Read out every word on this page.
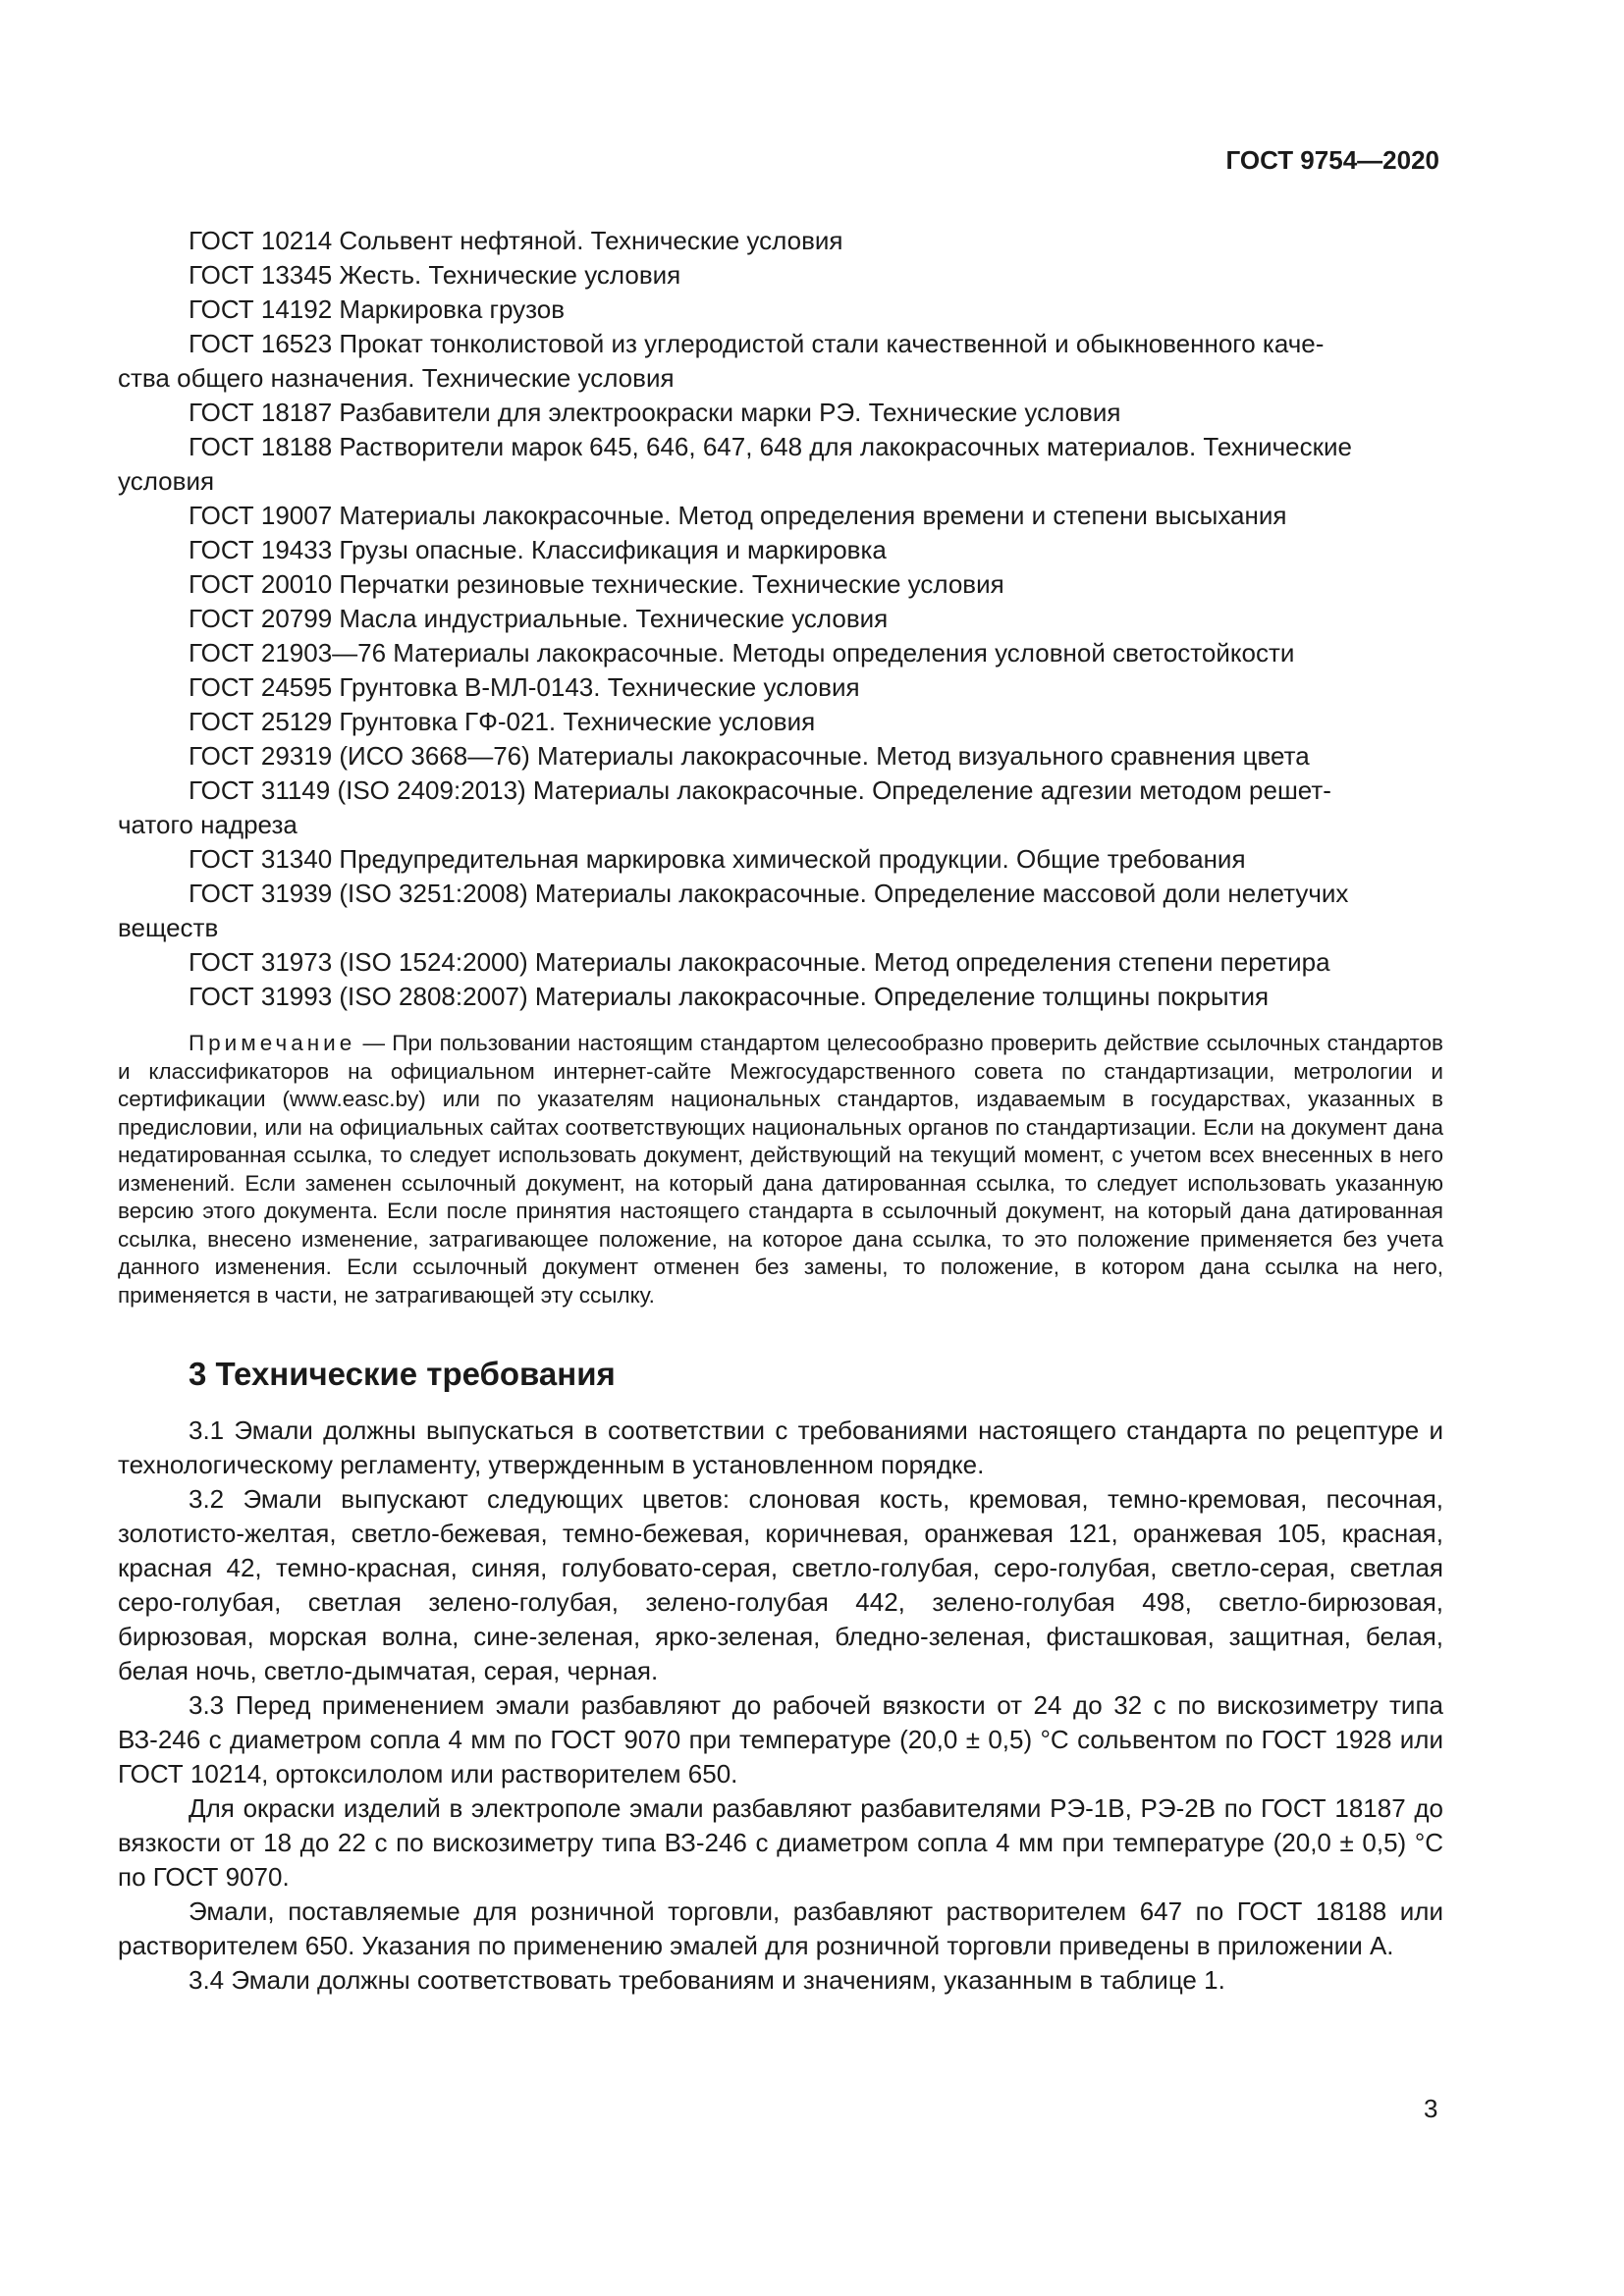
ГОСТ 9754—2020
ГОСТ 10214 Сольвент нефтяной. Технические условия
ГОСТ 13345 Жесть. Технические условия
ГОСТ 14192 Маркировка грузов
ГОСТ 16523 Прокат тонколистовой из углеродистой стали качественной и обыкновенного каче-
ства общего назначения. Технические условия
ГОСТ 18187 Разбавители для электроокраски марки РЭ. Технические условия
ГОСТ 18188 Растворители марок 645, 646, 647, 648 для лакокрасочных материалов. Технические
условия
ГОСТ 19007 Материалы лакокрасочные. Метод определения времени и степени высыхания
ГОСТ 19433 Грузы опасные. Классификация и маркировка
ГОСТ 20010 Перчатки резиновые технические. Технические условия
ГОСТ 20799 Масла индустриальные. Технические условия
ГОСТ 21903—76 Материалы лакокрасочные. Методы определения условной светостойкости
ГОСТ 24595 Грунтовка В-МЛ-0143. Технические условия
ГОСТ 25129 Грунтовка ГФ-021. Технические условия
ГОСТ 29319 (ИСО 3668—76) Материалы лакокрасочные. Метод визуального сравнения цвета
ГОСТ 31149 (ISO 2409:2013) Материалы лакокрасочные. Определение адгезии методом решет-
чатого надреза
ГОСТ 31340 Предупредительная маркировка химической продукции. Общие требования
ГОСТ 31939 (ISO 3251:2008) Материалы лакокрасочные. Определение массовой доли нелетучих
веществ
ГОСТ 31973 (ISO 1524:2000) Материалы лакокрасочные. Метод определения степени перетира
ГОСТ 31993 (ISO 2808:2007) Материалы лакокрасочные. Определение толщины покрытия
Примечание — При пользовании настоящим стандартом целесообразно проверить действие ссылочных стандартов и классификаторов на официальном интернет-сайте Межгосударственного совета по стандартизации, метрологии и сертификации (www.easc.by) или по указателям национальных стандартов, издаваемым в государствах, указанных в предисловии, или на официальных сайтах соответствующих национальных органов по стандартизации. Если на документ дана недатированная ссылка, то следует использовать документ, действующий на текущий момент, с учетом всех внесенных в него изменений. Если заменен ссылочный документ, на который дана датированная ссылка, то следует использовать указанную версию этого документа. Если после принятия настоящего стандарта в ссылочный документ, на который дана датированная ссылка, внесено изменение, затрагивающее положение, на которое дана ссылка, то это положение применяется без учета данного изменения. Если ссылочный документ отменен без замены, то положение, в котором дана ссылка на него, применяется в части, не затрагивающей эту ссылку.
3 Технические требования
3.1 Эмали должны выпускаться в соответствии с требованиями настоящего стандарта по рецептуре и технологическому регламенту, утвержденным в установленном порядке.
3.2 Эмали выпускают следующих цветов: слоновая кость, кремовая, темно-кремовая, песочная, золотисто-желтая, светло-бежевая, темно-бежевая, коричневая, оранжевая 121, оранжевая 105, красная, красная 42, темно-красная, синяя, голубовато-серая, светло-голубая, серо-голубая, светло-серая, светлая серо-голубая, светлая зелено-голубая, зелено-голубая 442, зелено-голубая 498, светло-бирюзовая, бирюзовая, морская волна, сине-зеленая, ярко-зеленая, бледно-зеленая, фисташковая, защитная, белая, белая ночь, светло-дымчатая, серая, черная.
3.3 Перед применением эмали разбавляют до рабочей вязкости от 24 до 32 с по вискозиметру типа ВЗ-246 с диаметром сопла 4 мм по ГОСТ 9070 при температуре (20,0 ± 0,5) °С сольвентом по ГОСТ 1928 или ГОСТ 10214, ортоксилолом или растворителем 650.
Для окраски изделий в электрополе эмали разбавляют разбавителями РЭ-1В, РЭ-2В по ГОСТ 18187 до вязкости от 18 до 22 с по вискозиметру типа ВЗ-246 с диаметром сопла 4 мм при температуре (20,0 ± 0,5) °С по ГОСТ 9070.
Эмали, поставляемые для розничной торговли, разбавляют растворителем 647 по ГОСТ 18188 или растворителем 650. Указания по применению эмалей для розничной торговли приведены в приложении А.
3.4 Эмали должны соответствовать требованиям и значениям, указанным в таблице 1.
3
